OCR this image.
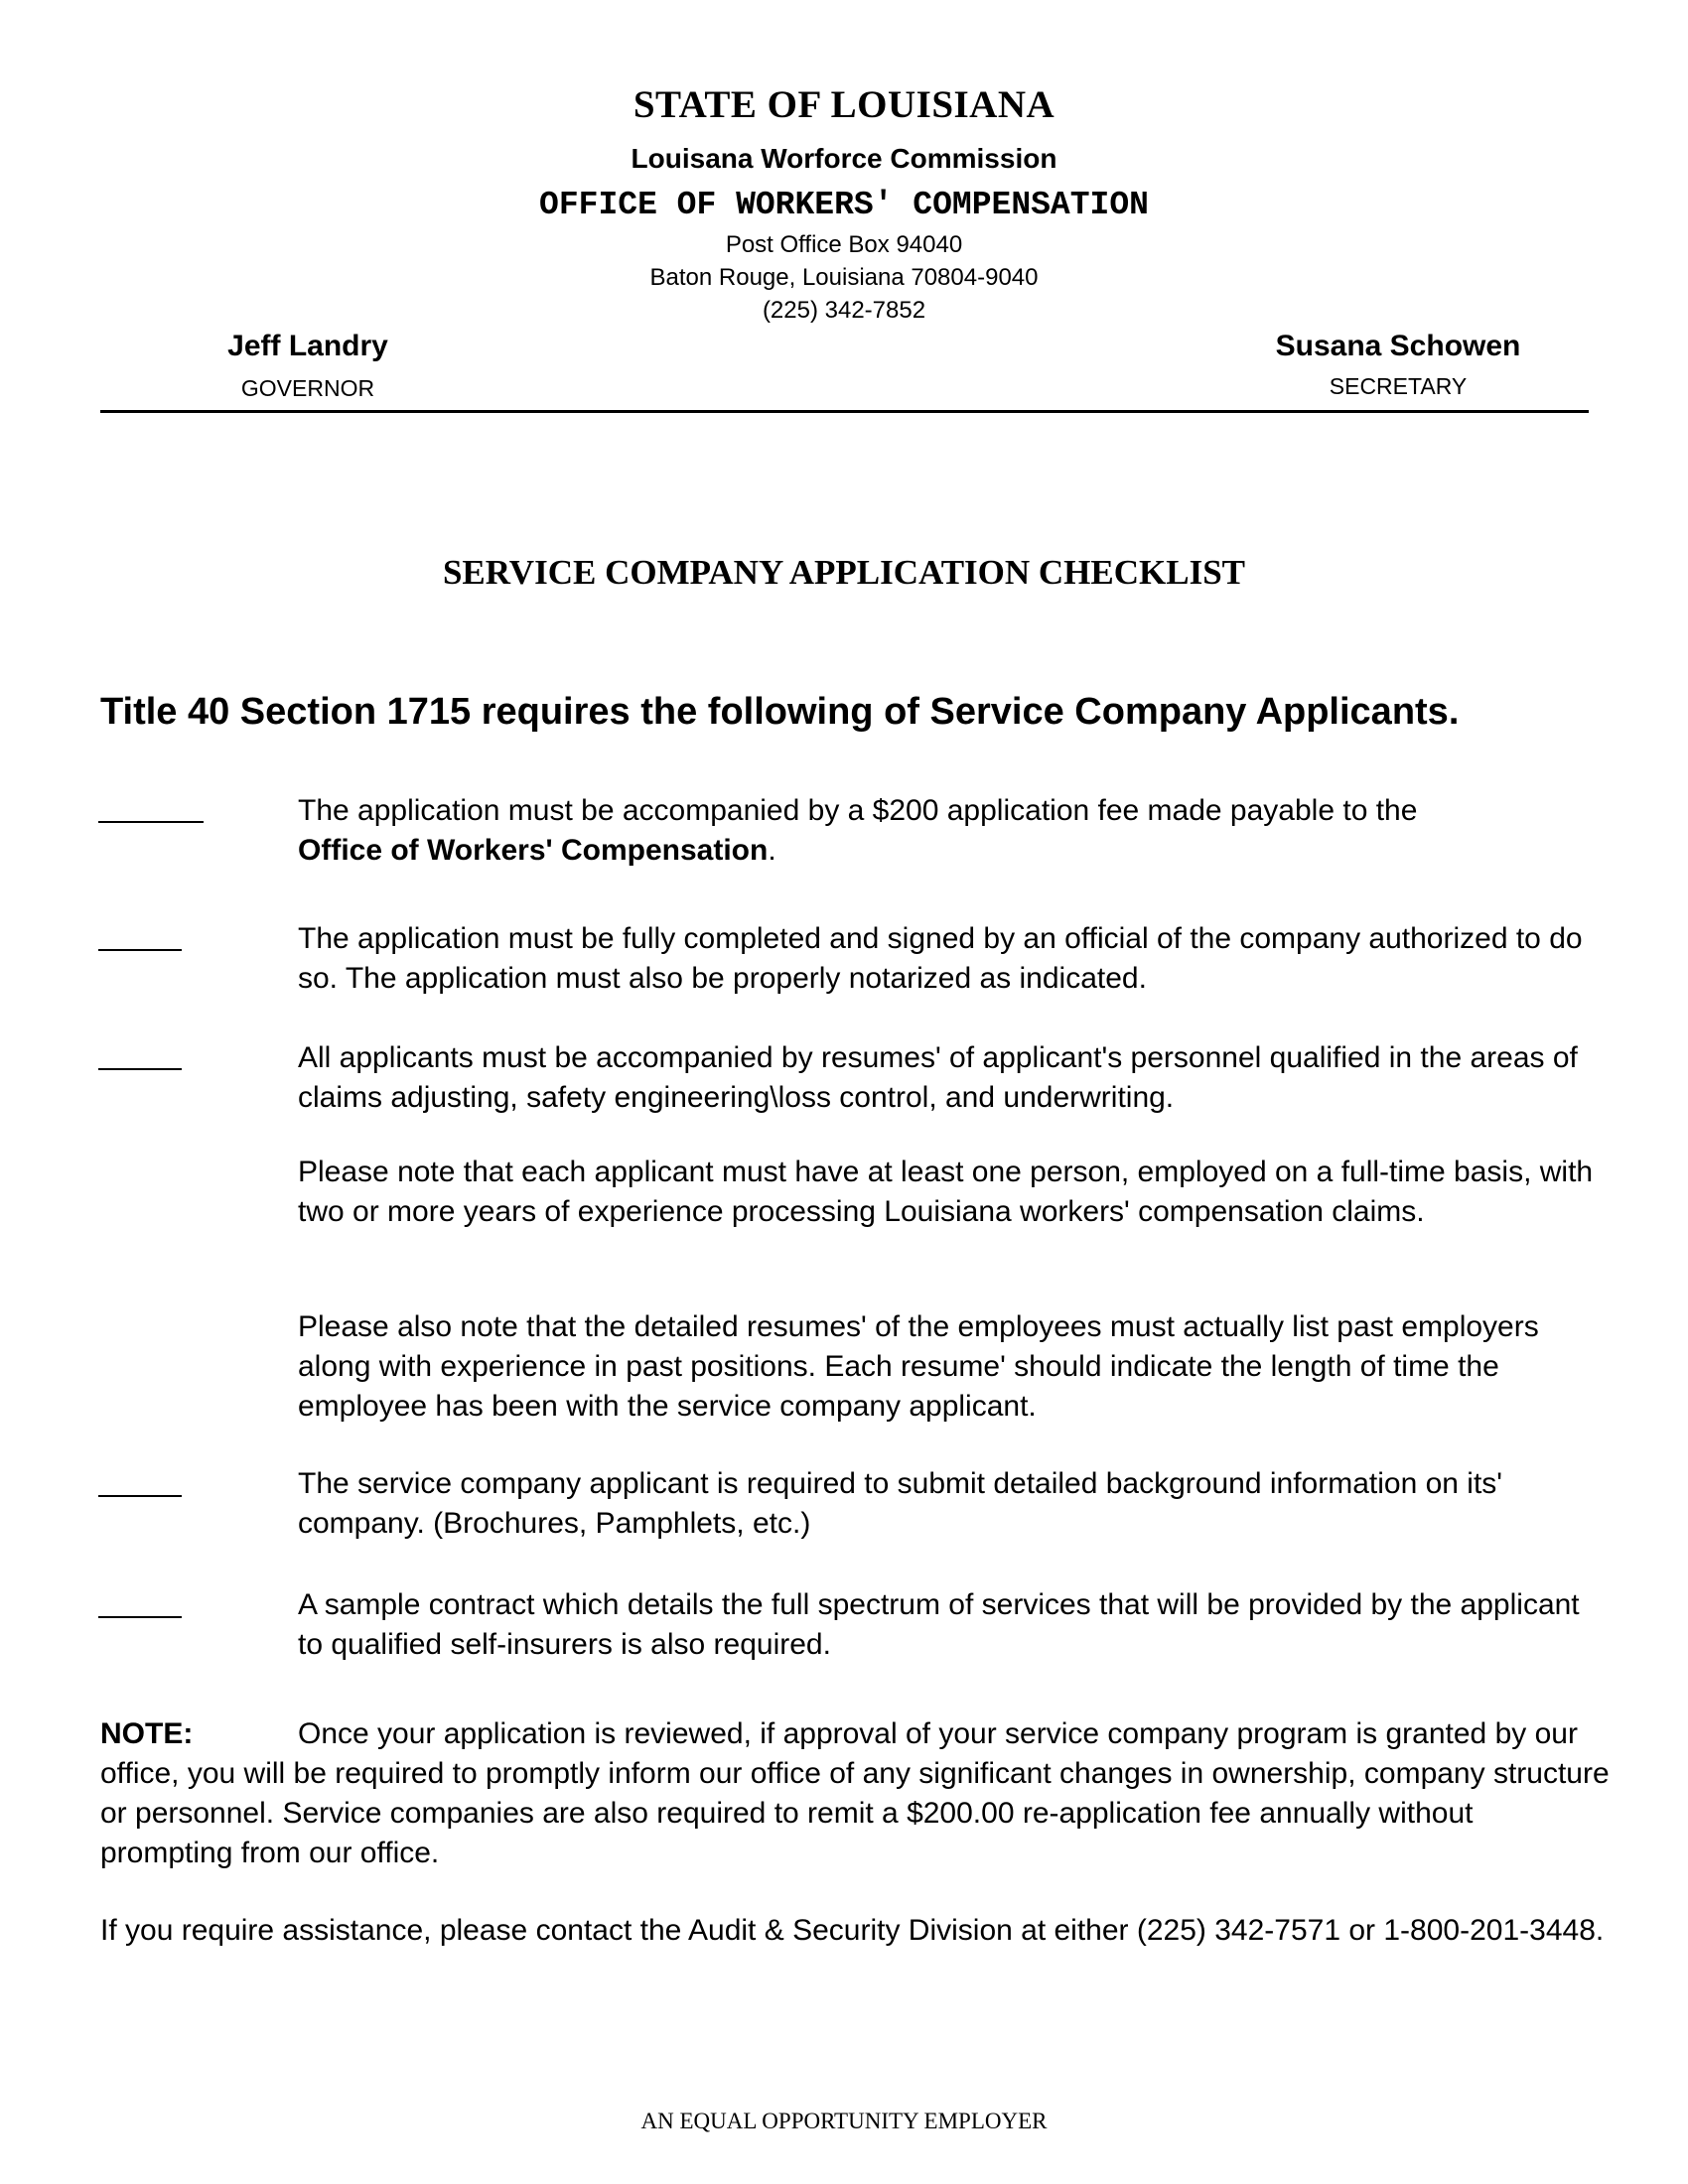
STATE OF LOUISIANA
Louisana Worforce Commission
OFFICE OF WORKERS' COMPENSATION
Post Office Box 94040
Baton Rouge, Louisiana 70804-9040
(225) 342-7852
Jeff Landry
GOVERNOR
Susana Schowen
SECRETARY
SERVICE COMPANY APPLICATION CHECKLIST
Title 40 Section 1715 requires the following of Service Company Applicants.
The application must be accompanied by a $200 application fee made payable to the
Office of Workers' Compensation.
The application must be fully completed and signed by an official of the company authorized to do so. The application must also be properly notarized as indicated.
All applicants must be accompanied by resumes' of applicant's personnel qualified in the areas of claims adjusting, safety engineering\loss control, and underwriting.
Please note that each applicant must have at least one person, employed on a full-time basis, with two or more years of experience processing Louisiana workers' compensation claims.
Please also note that the detailed resumes' of the employees must actually list past employers along with experience in past positions. Each resume' should indicate the length of time the employee has been with the service company applicant.
The service company applicant is required to submit detailed background information on its' company. (Brochures, Pamphlets, etc.)
A sample contract which details the full spectrum of services that will be provided by the applicant to qualified self-insurers is also required.
NOTE:	Once your application is reviewed, if approval of your service company program is granted by our office, you will be required to promptly inform our office of any significant changes in ownership, company structure or personnel. Service companies are also required to remit a $200.00 re-application fee annually without prompting from our office.
If you require assistance, please contact the Audit & Security Division at either (225) 342-7571 or 1-800-201-3448.
AN EQUAL OPPORTUNITY EMPLOYER
